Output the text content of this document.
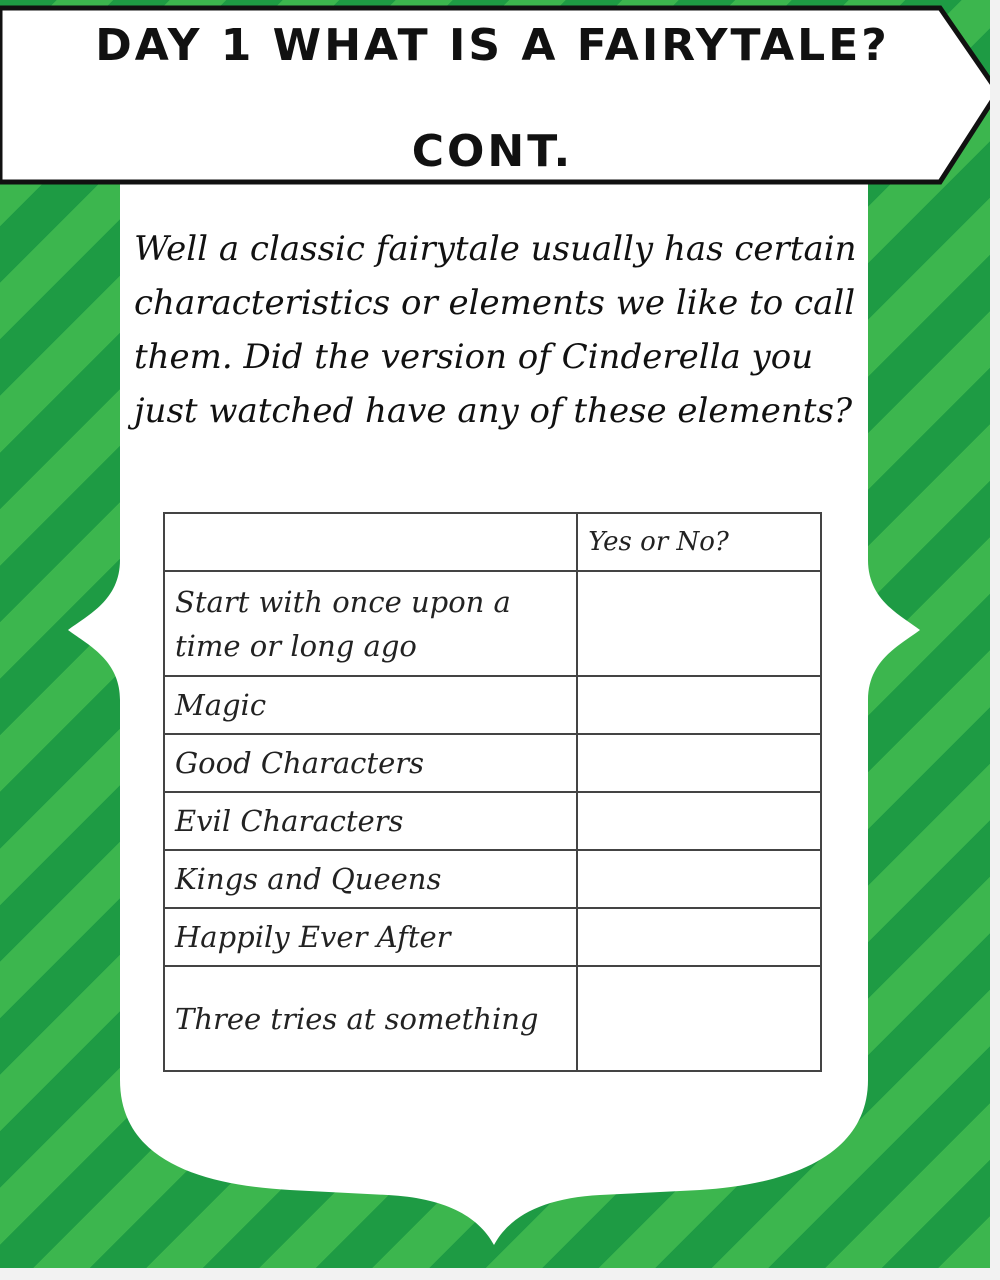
DAY 1 WHAT IS A FAIRYTALE?
CONT.

Well a classic fairytale usually has certain characteristics or elements we like to call them. Did the version of Cinderella you just watched have any of these elements?

	Yes or No?
Start with once upon a time or long ago	
Magic	
Good Characters	
Evil Characters	
Kings and Queens	
Happily Ever After	
Three tries at something	
